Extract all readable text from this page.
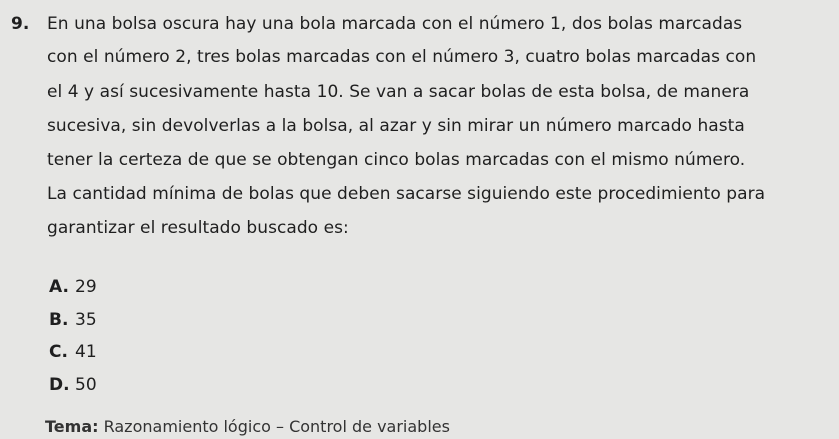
9. En una bolsa oscura hay una bola marcada con el número 1, dos bolas marcadas
con el número 2, tres bolas marcadas con el número 3, cuatro bolas marcadas con
el 4 y así sucesivamente hasta 10. Se van a sacar bolas de esta bolsa, de manera
sucesiva, sin devolverlas a la bolsa, al azar y sin mirar un número marcado hasta
tener la certeza de que se obtengan cinco bolas marcadas con el mismo número.
La cantidad mínima de bolas que deben sacarse siguiendo este procedimiento para
garantizar el resultado buscado es:
A. 29
B. 35
C. 41
D. 50
Tema: Razonamiento lógico – Control de variables
